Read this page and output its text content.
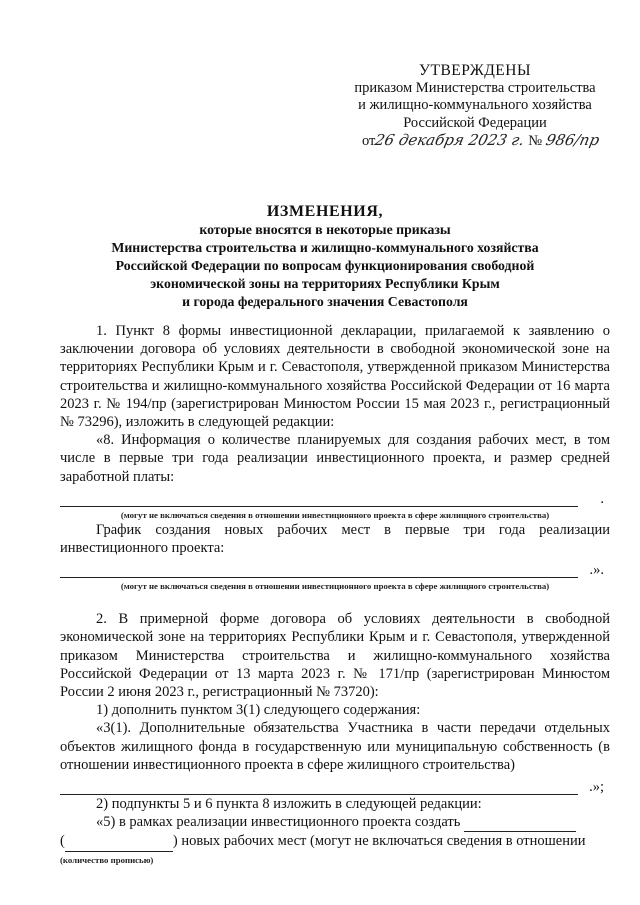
УТВЕРЖДЕНЫ
приказом Министерства строительства
и жилищно-коммунального хозяйства
Российской Федерации
от26 декабря 2023 г. № 986/пр
ИЗМЕНЕНИЯ,
которые вносятся в некоторые приказы
Министерства строительства и жилищно-коммунального хозяйства
Российской Федерации по вопросам функционирования свободной
экономической зоны на территориях Республики Крым
и города федерального значения Севастополя

1. Пункт 8 формы инвестиционной декларации, прилагаемой к заявлению о заключении договора об условиях деятельности в свободной экономической зоне на территориях Республики Крым и г. Севастополя, утвержденной приказом Министерства строительства и жилищно-коммунального хозяйства Российской Федерации от 16 марта 2023 г. № 194/пр (зарегистрирован Минюстом России 15 мая 2023 г., регистрационный № 73296), изложить в следующей редакции:

«8. Информация о количестве планируемых для создания рабочих мест, в том числе в первые три года реализации инвестиционного проекта, и размер средней заработной платы:

.
(могут не включаться сведения в отношении инвестиционного проекта в сфере жилищного строительства)

График создания новых рабочих мест в первые три года реализации инвестиционного проекта:

.».
(могут не включаться сведения в отношении инвестиционного проекта в сфере жилищного строительства)

2. В примерной форме договора об условиях деятельности в свободной экономической зоне на территориях Республики Крым и г. Севастополя, утвержденной приказом Министерства строительства и жилищно-коммунального хозяйства Российской Федерации от 13 марта 2023 г. № 171/пр (зарегистрирован Минюстом России 2 июня 2023 г., регистрационный № 73720):

1) дополнить пунктом 3(1) следующего содержания:

«3(1). Дополнительные обязательства Участника в части передачи отдельных объектов жилищного фонда в государственную или муниципальную собственность (в отношении инвестиционного проекта в сфере жилищного строительства)

.»;

2) подпункты 5 и 6 пункта 8 изложить в следующей редакции:

«5) в рамках реализации инвестиционного проекта создать

(	) новых рабочих мест (могут не включаться сведения в отношении

(количество прописью)
